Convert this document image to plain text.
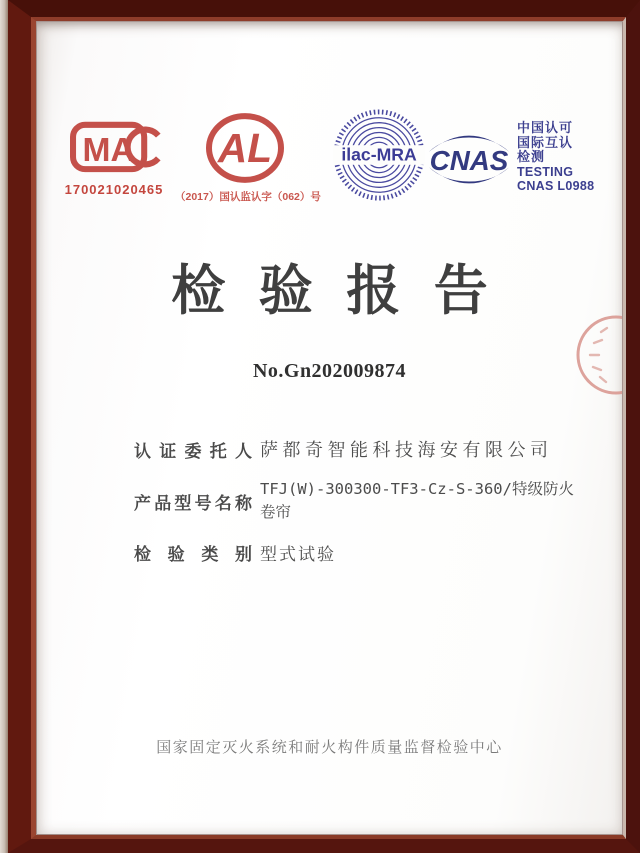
MA
170021020465
AL
（2017）国认监认字（062）号
ilac-MRA CNAS
中国认可
国际互认
检测
TESTING
CNAS L0988
检验报告
No.Gn202009874
认证委托人 萨都奇智能科技海安有限公司
产品型号名称
TFJ(W)-300300-TF3-Cz-S-360/特级防火卷帘
检验类别 型式试验
国家固定灭火系统和耐火构件质量监督检验中心
